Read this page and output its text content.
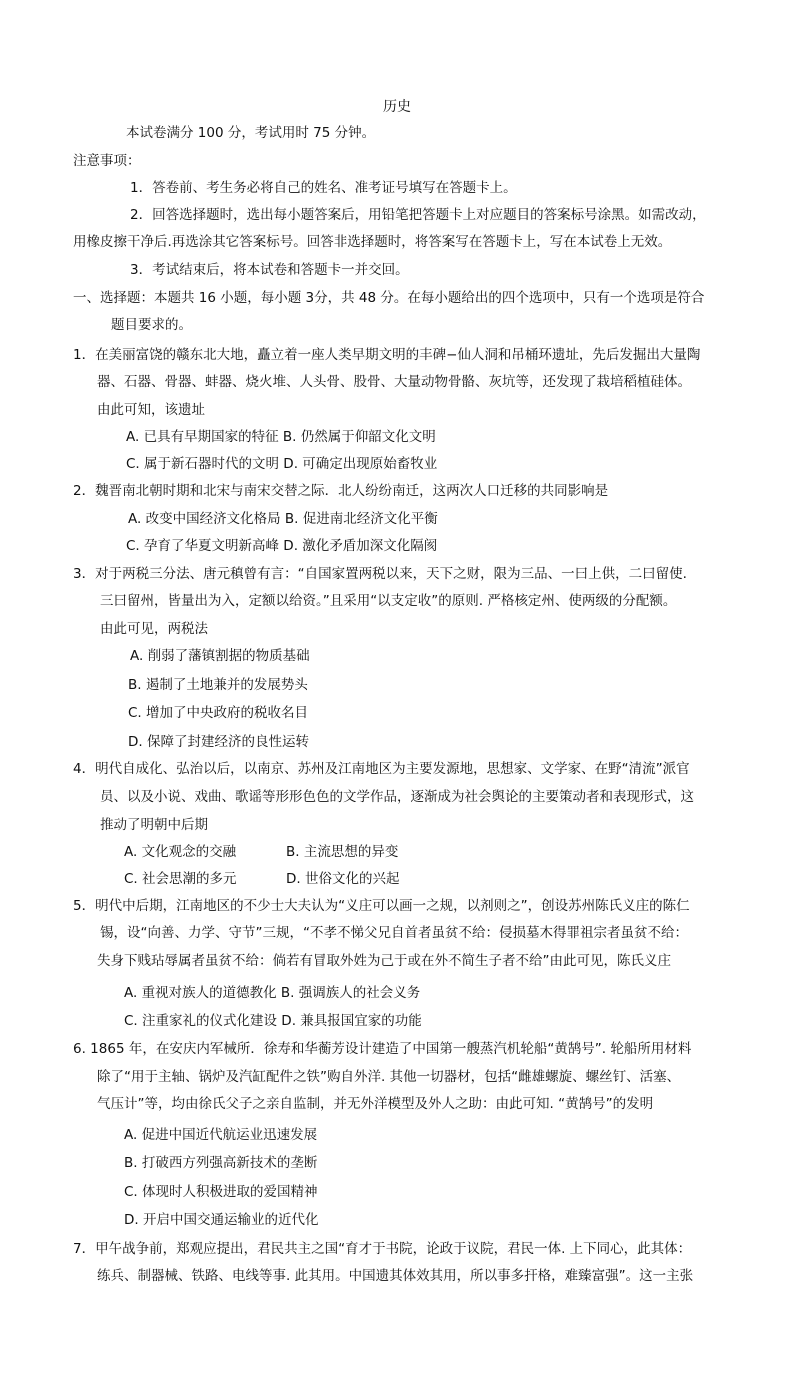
历史
本试卷满分 100 分，考试用时 75 分钟。
注意事项：
1．答卷前、考生务必将自己的姓名、准考证号填写在答题卡上。
2．回答选择题时，选出每小题答案后，用铅笔把答题卡上对应题目的答案标号涂黑。如需改动，
用橡皮擦干净后.再选涂其它答案标号。回答非选择题时，将答案写在答题卡上，写在本试卷上无效。
3．考试结束后，将本试卷和答题卡一并交回。
一、选择题：本题共 16 小题，每小题 3分，共 48 分。在每小题给出的四个选项中，只有一个选项是符合
题目要求的。
1．在美丽富饶的赣东北大地，矗立着一座人类早期文明的丰碑−仙人洞和吊桶环遗址，先后发掘出大量陶
器、石器、骨器、蚌器、烧火堆、人头骨、股骨、大量动物骨骼、灰坑等，还发现了栽培稻植硅体。
由此可知，该遗址
A. 已具有早期国家的特征 B. 仍然属于仰韶文化文明
C. 属于新石器时代的文明 D. 可确定出现原始畜牧业
2．魏晋南北朝时期和北宋与南宋交替之际．北人纷纷南迁，这两次人口迁移的共同影响是
A. 改变中国经济文化格局 B. 促进南北经济文化平衡
C. 孕育了华夏文明新高峰 D. 激化矛盾加深文化隔阂
3．对于两税三分法、唐元稹曾有言：“自国家置两税以来，天下之财，限为三品、一曰上供，二曰留使.
三曰留州，皆量出为入，定额以给资。”且采用“以支定收”的原则. 严格核定州、使两级的分配额。
由此可见，两税法
A. 削弱了藩镇割据的物质基础
B. 遏制了土地兼并的发展势头
C. 增加了中央政府的税收名目
D. 保障了封建经济的良性运转
4．明代自成化、弘治以后，以南京、苏州及江南地区为主要发源地，思想家、文学家、在野“清流”派官
员、以及小说、戏曲、歌谣等形形色色的文学作品，逐渐成为社会舆论的主要策动者和表现形式，这
推动了明朝中后期
A. 文化观念的交融	B. 主流思想的异变
C. 社会思潮的多元	D. 世俗文化的兴起
5．明代中后期，江南地区的不少士大夫认为“义庄可以画一之规，以剂则之”，创设苏州陈氏义庄的陈仁
锡，设“向善、力学、守节”三规，“不孝不悌父兄自首者虽贫不给：侵损墓木得罪祖宗者虽贫不给：
失身下贱玷辱属者虽贫不给：倘若有冒取外姓为己于或在外不简生子者不给”由此可见，陈氏义庄
A. 重视对族人的道德教化 B. 强调族人的社会义务
C. 注重家礼的仪式化建设 D. 兼具报国宜家的功能
6. 1865 年，在安庆内军械所．徐寿和华蘅芳设计建造了中国第一艘蒸汽机轮船“黄鹄号”. 轮船所用材料
除了“用于主轴、锅炉及汽缸配件之铁”购自外洋. 其他一切器材，包括“雌雄螺旋、螺丝钉、活塞、
气压计”等，均由徐氏父子之亲自监制，并无外洋模型及外人之助：由此可知. “黄鹄号”的发明
A. 促进中国近代航运业迅速发展
B. 打破西方列强高新技术的垄断
C. 体现时人积极进取的爱国精神
D. 开启中国交通运输业的近代化
7．甲午战争前，郑观应提出，君民共主之国“育才于书院，论政于议院，君民一体. 上下同心，此其体：
练兵、制器械、铁路、电线等事. 此其用。中国遗其体效其用，所以事多扞格，难臻富强”。这一主张
